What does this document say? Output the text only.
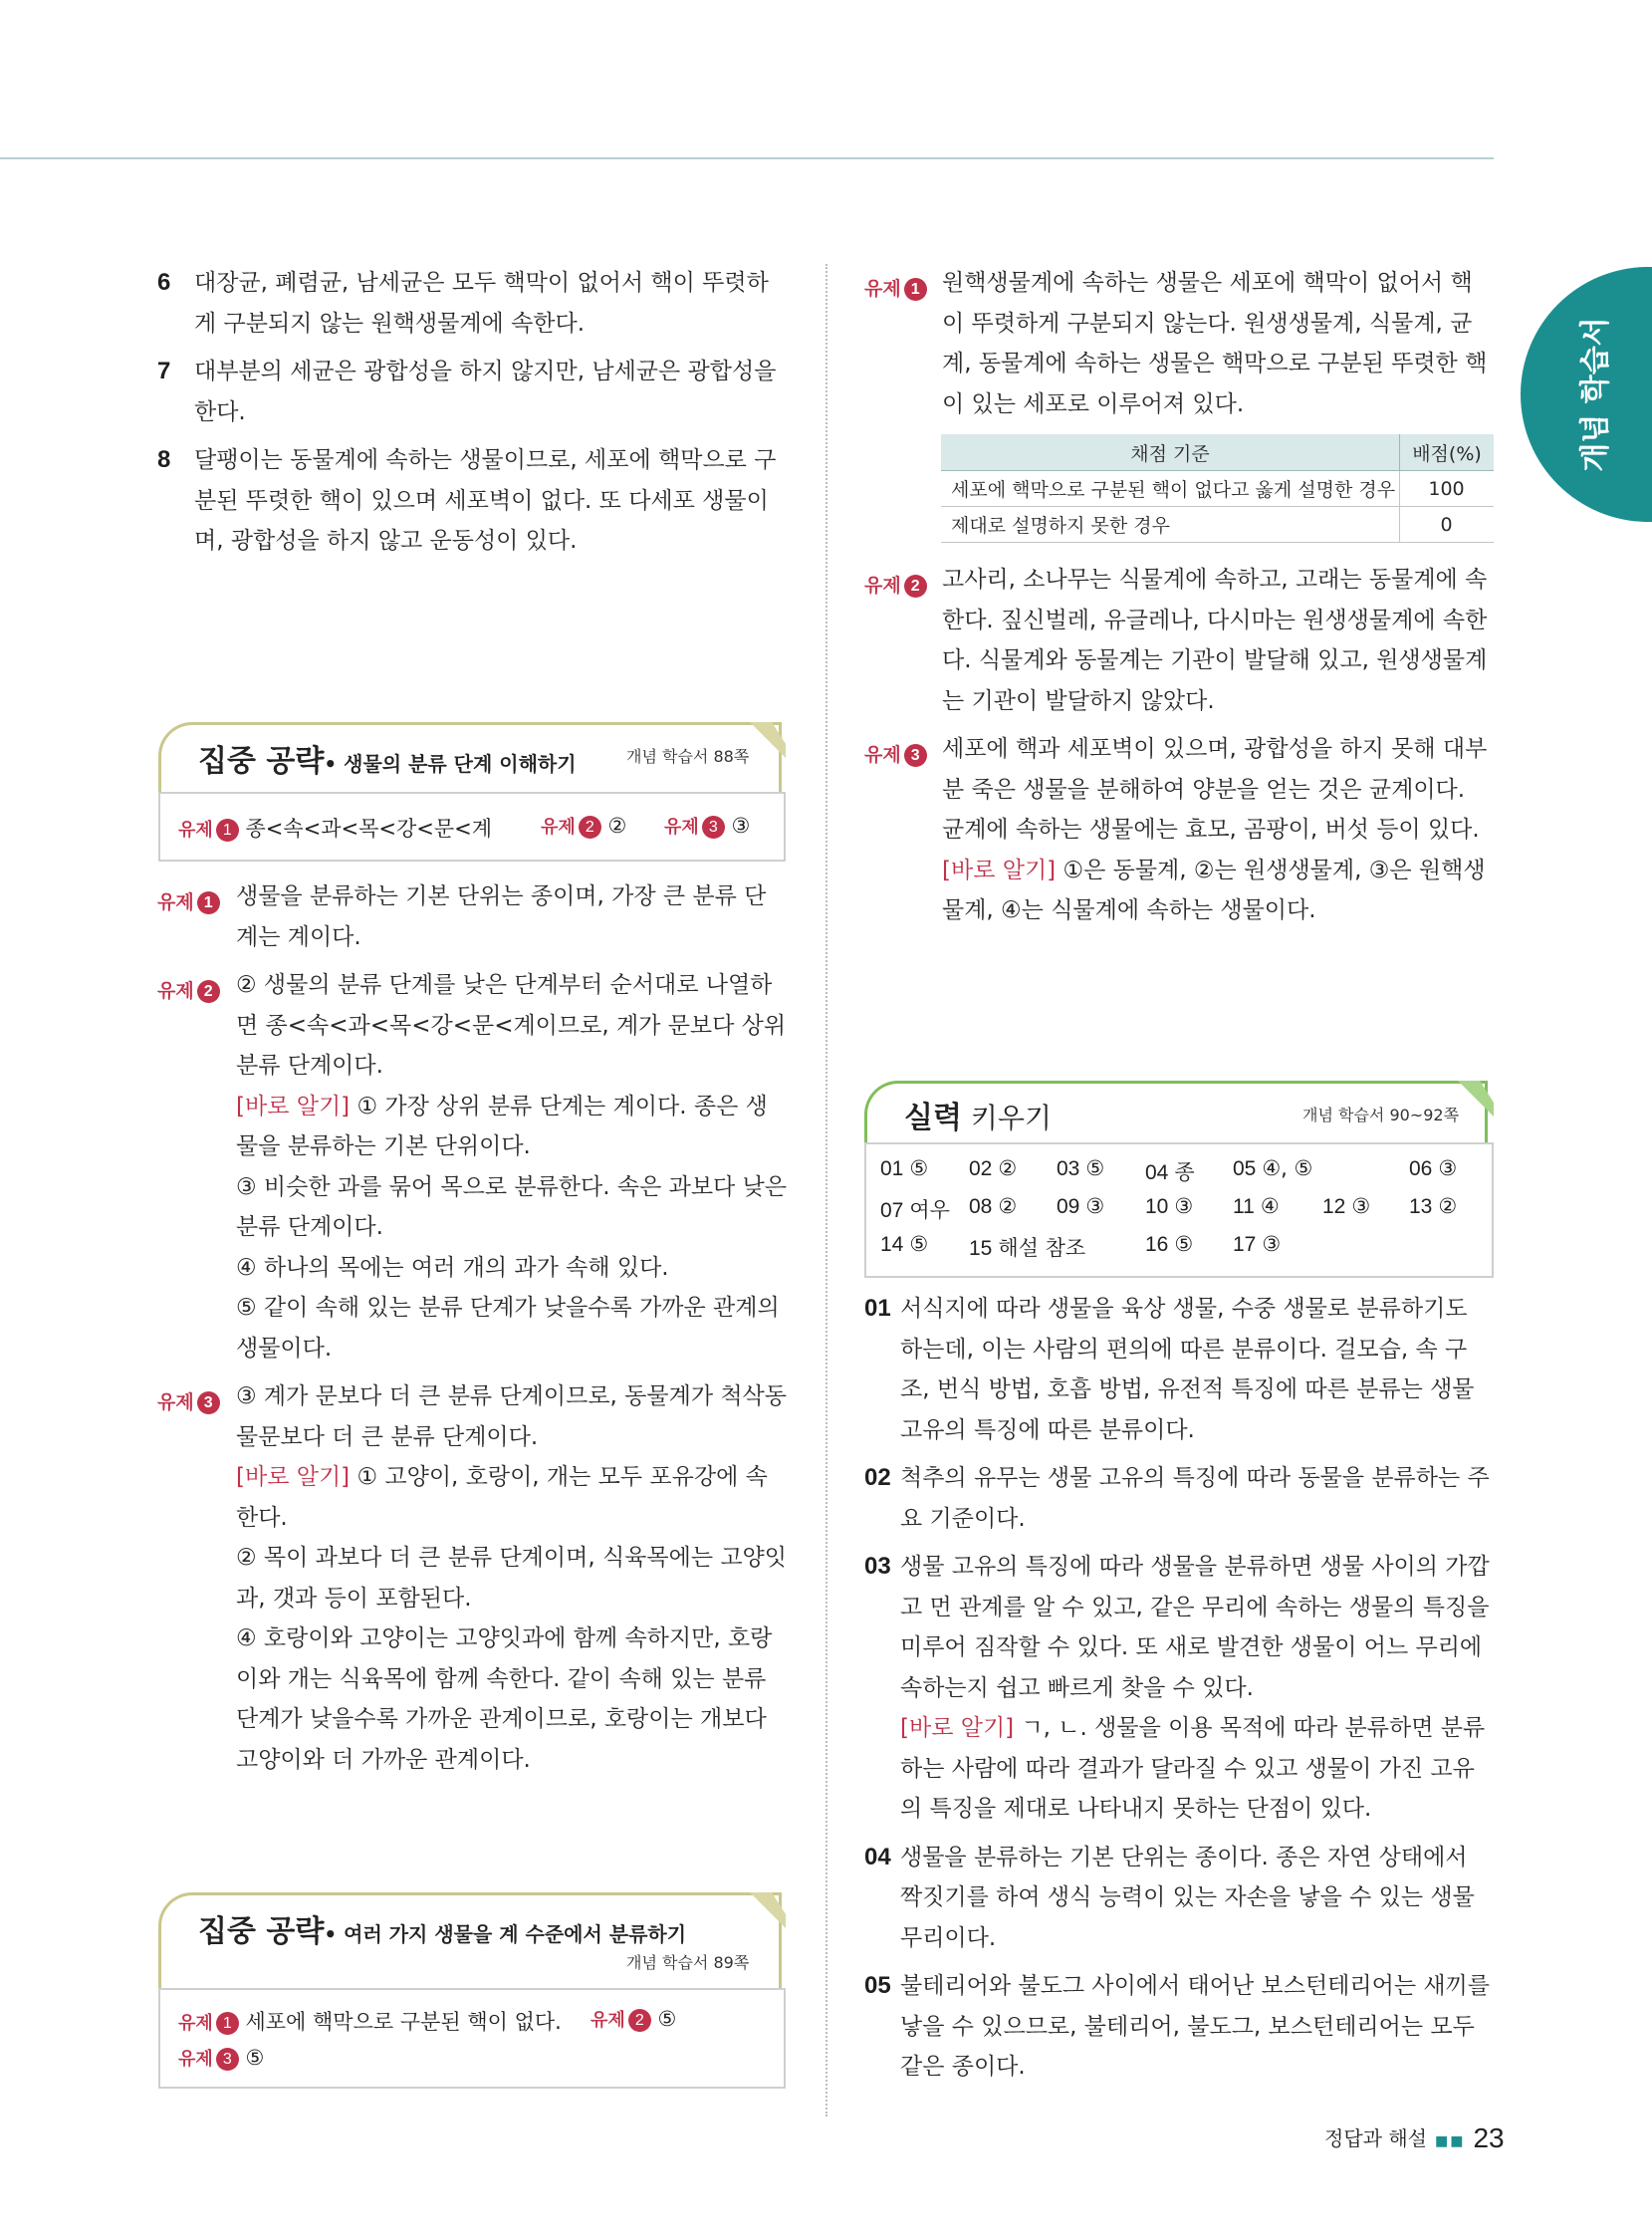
개념 학습서
6	대장균, 폐렴균, 남세균은 모두 핵막이 없어서 핵이 뚜렷하게 구분되지 않는 원핵생물계에 속한다.
7	대부분의 세균은 광합성을 하지 않지만, 남세균은 광합성을 한다.
8	달팽이는 동물계에 속하는 생물이므로, 세포에 핵막으로 구분된 뚜렷한 핵이 있으며 세포벽이 없다. 또 다세포 생물이며, 광합성을 하지 않고 운동성이 있다.
집중 공략• 생물의 분류 단계 이해하기	개념 학습서 88쪽
유제 1 종<속<과<목<강<문<계	유제 2 ② 유제 3 ③
유제 1	생물을 분류하는 기본 단위는 종이며, 가장 큰 분류 단계는 계이다.
유제 2	② 생물의 분류 단계를 낮은 단계부터 순서대로 나열하면 종<속<과<목<강<문<계이므로, 계가 문보다 상위 분류 단계이다.
[바로 알기] ① 가장 상위 분류 단계는 계이다. 종은 생물을 분류하는 기본 단위이다.
③ 비슷한 과를 묶어 목으로 분류한다. 속은 과보다 낮은 분류 단계이다.
④ 하나의 목에는 여러 개의 과가 속해 있다.
⑤ 같이 속해 있는 분류 단계가 낮을수록 가까운 관계의 생물이다.
유제 3	③ 계가 문보다 더 큰 분류 단계이므로, 동물계가 척삭동물문보다 더 큰 분류 단계이다.
[바로 알기] ① 고양이, 호랑이, 개는 모두 포유강에 속한다.
② 목이 과보다 더 큰 분류 단계이며, 식육목에는 고양잇과, 갯과 등이 포함된다.
④ 호랑이와 고양이는 고양잇과에 함께 속하지만, 호랑이와 개는 식육목에 함께 속한다. 같이 속해 있는 분류 단계가 낮을수록 가까운 관계이므로, 호랑이는 개보다 고양이와 더 가까운 관계이다.
집중 공략• 여러 가지 생물을 계 수준에서 분류하기
개념 학습서 89쪽
유제 1 세포에 핵막으로 구분된 핵이 없다. 유제 2 ⑤
유제 3 ⑤
유제 1 원핵생물계에 속하는 생물은 세포에 핵막이 없어서 핵이 뚜렷하게 구분되지 않는다. 원생생물계, 식물계, 균계, 동물계에 속하는 생물은 핵막으로 구분된 뚜렷한 핵이 있는 세포로 이루어져 있다.
채점 기준	배점(%)
세포에 핵막으로 구분된 핵이 없다고 옳게 설명한 경우	100
제대로 설명하지 못한 경우	0
유제 2 고사리, 소나무는 식물계에 속하고, 고래는 동물계에 속한다. 짚신벌레, 유글레나, 다시마는 원생생물계에 속한다. 식물계와 동물계는 기관이 발달해 있고, 원생생물계는 기관이 발달하지 않았다.
유제 3 세포에 핵과 세포벽이 있으며, 광합성을 하지 못해 대부분 죽은 생물을 분해하여 양분을 얻는 것은 균계이다. 균계에 속하는 생물에는 효모, 곰팡이, 버섯 등이 있다.
[바로 알기] ①은 동물계, ②는 원생생물계, ③은 원핵생물계, ④는 식물계에 속하는 생물이다.
실력 키우기	개념 학습서 90~92쪽
01 ⑤ 02 ② 03 ⑤ 04 종 05 ④, ⑤	06 ③
07 여우 08 ② 09 ③ 10 ③ 11 ④ 12 ③ 13 ②
14 ⑤ 15 해설 참조	16 ⑤ 17 ③
01 서식지에 따라 생물을 육상 생물, 수중 생물로 분류하기도 하는데, 이는 사람의 편의에 따른 분류이다. 걸모습, 속 구조, 번식 방법, 호흡 방법, 유전적 특징에 따른 분류는 생물 고유의 특징에 따른 분류이다.
02 척추의 유무는 생물 고유의 특징에 따라 동물을 분류하는 주요 기준이다.
03 생물 고유의 특징에 따라 생물을 분류하면 생물 사이의 가깝고 먼 관계를 알 수 있고, 같은 무리에 속하는 생물의 특징을 미루어 짐작할 수 있다. 또 새로 발견한 생물이 어느 무리에 속하는지 쉽고 빠르게 찾을 수 있다.
[바로 알기] ㄱ, ㄴ. 생물을 이용 목적에 따라 분류하면 분류하는 사람에 따라 결과가 달라질 수 있고 생물이 가진 고유의 특징을 제대로 나타내지 못하는 단점이 있다.
04 생물을 분류하는 기본 단위는 종이다. 종은 자연 상태에서 짝짓기를 하여 생식 능력이 있는 자손을 낳을 수 있는 생물 무리이다.
05 불테리어와 불도그 사이에서 태어난 보스턴테리어는 새끼를 낳을 수 있으므로, 불테리어, 불도그, 보스턴테리어는 모두 같은 종이다.
정답과 해설 ■■ 23
